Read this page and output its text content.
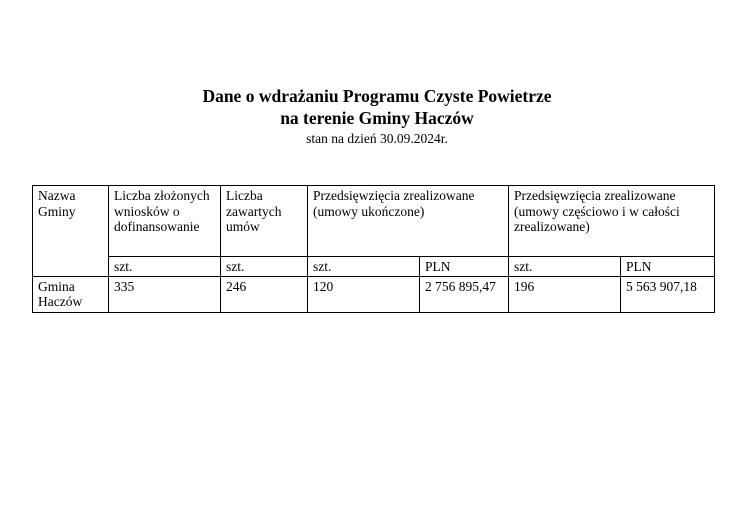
Dane o wdrażaniu Programu Czyste Powietrze
na terenie Gminy Haczów
stan na dzień 30.09.2024r.
Nazwa Gminy	Liczba złożonych wniosków o dofinansowanie	Liczba zawartych umów	Przedsięwzięcia zrealizowane (umowy ukończone)		Przedsięwzięcia zrealizowane (umowy częściowo i w całości zrealizowane)	
	szt.	szt.	szt.	PLN	szt.	PLN
Gmina Haczów	335	246	120	2 756 895,47	196	5 563 907,18
